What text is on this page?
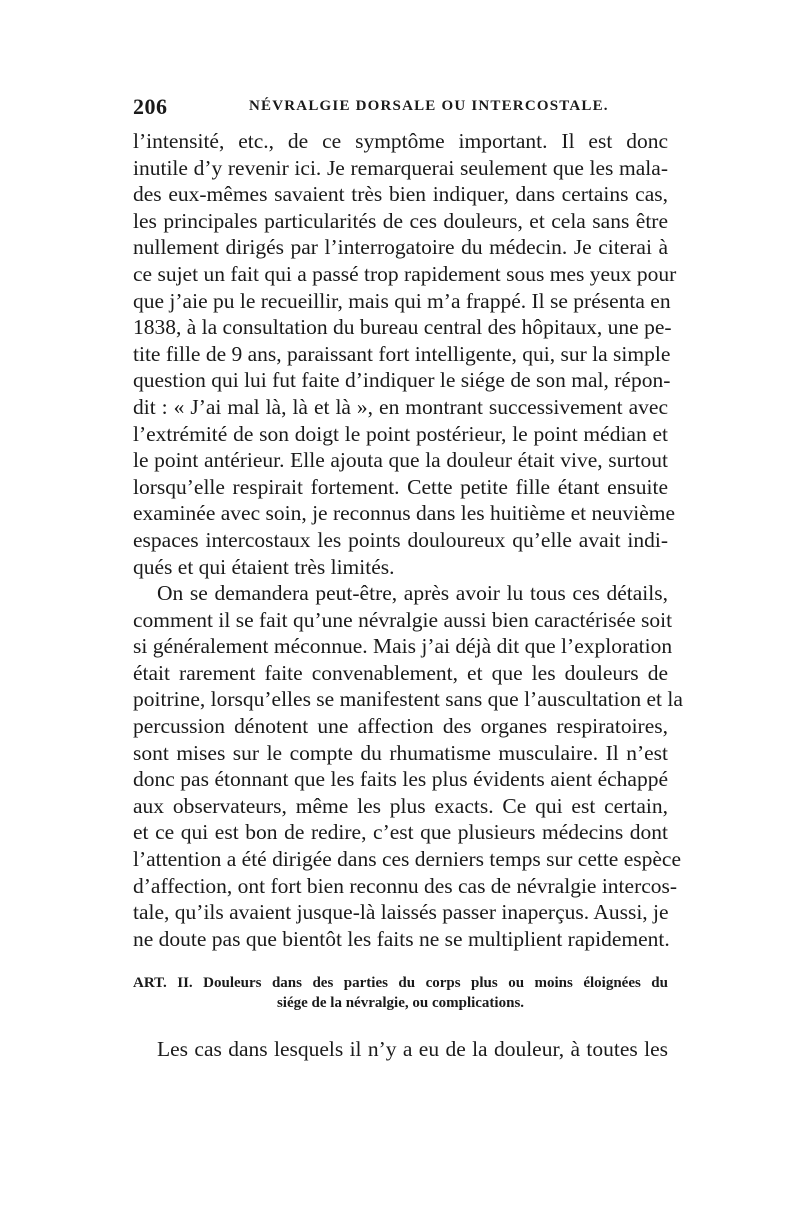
206	NÉVRALGIE DORSALE OU INTERCOSTALE.
l’intensité, etc., de ce symptôme important. Il est donc
inutile d’y revenir ici. Je remarquerai seulement que les mala-
des eux-mêmes savaient très bien indiquer, dans certains cas,
les principales particularités de ces douleurs, et cela sans être
nullement dirigés par l’interrogatoire du médecin. Je citerai à
ce sujet un fait qui a passé trop rapidement sous mes yeux pour
que j’aie pu le recueillir, mais qui m’a frappé. Il se présenta en
1838, à la consultation du bureau central des hôpitaux, une pe-
tite fille de 9 ans, paraissant fort intelligente, qui, sur la simple
question qui lui fut faite d’indiquer le siége de son mal, répon-
dit : « J’ai mal là, là et là », en montrant successivement avec
l’extrémité de son doigt le point postérieur, le point médian et
le point antérieur. Elle ajouta que la douleur était vive, surtout
lorsqu’elle respirait fortement. Cette petite fille étant ensuite
examinée avec soin, je reconnus dans les huitième et neuvième
espaces intercostaux les points douloureux qu’elle avait indi-
qués et qui étaient très limités.
On se demandera peut-être, après avoir lu tous ces détails,
comment il se fait qu’une névralgie aussi bien caractérisée soit
si généralement méconnue. Mais j’ai déjà dit que l’exploration
était rarement faite convenablement, et que les douleurs de
poitrine, lorsqu’elles se manifestent sans que l’auscultation et la
percussion dénotent une affection des organes respiratoires,
sont mises sur le compte du rhumatisme musculaire. Il n’est
donc pas étonnant que les faits les plus évidents aient échappé
aux observateurs, même les plus exacts. Ce qui est certain,
et ce qui est bon de redire, c’est que plusieurs médecins dont
l’attention a été dirigée dans ces derniers temps sur cette espèce
d’affection, ont fort bien reconnu des cas de névralgie intercos-
tale, qu’ils avaient jusque-là laissés passer inaperçus. Aussi, je
ne doute pas que bientôt les faits ne se multiplient rapidement.
ART. II. Douleurs dans des parties du corps plus ou moins éloignées du
siége de la névralgie, ou complications.
Les cas dans lesquels il n’y a eu de la douleur, à toutes les
